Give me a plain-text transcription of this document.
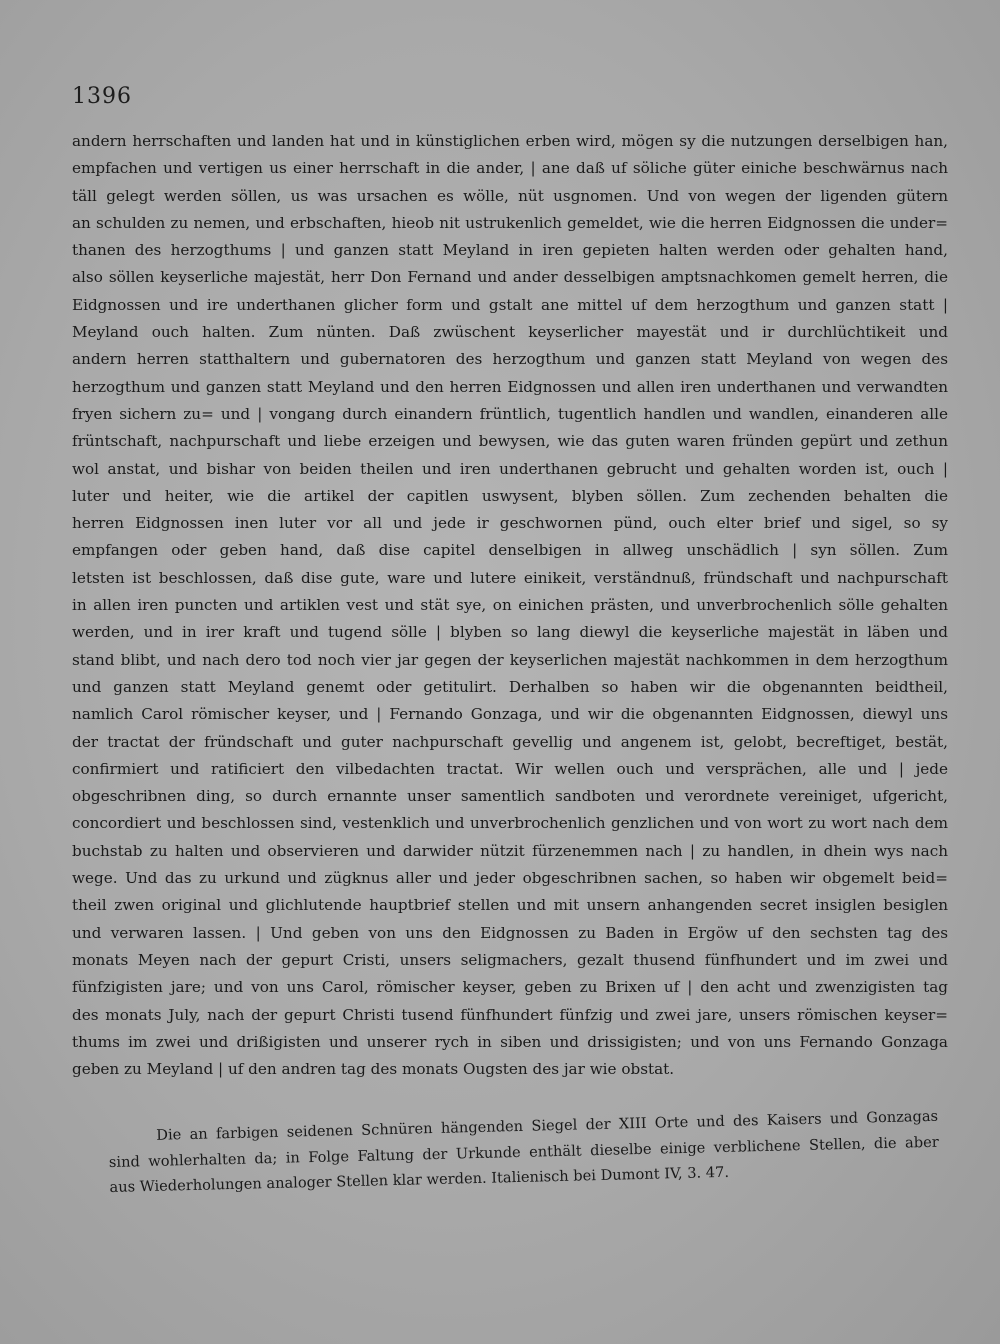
1396
andern herrschaften und landen hat und in künstiglichen erben wird, mögen sy die nutzungen derselbigen han,
empfachen und vertigen us einer herrschaft in die ander, | ane daß uf söliche güter einiche beschwärnus nach
täll gelegt werden söllen, us was ursachen es wölle, nüt usgnomen. Und von wegen der ligenden gütern
an schulden zu nemen, und erbschaften, hieob nit ustrukenlich gemeldet, wie die herren Eidgnossen die under=
thanen des herzogthums | und ganzen statt Meyland in iren gepieten halten werden oder gehalten hand,
also söllen keyserliche majestät, herr Don Fernand und ander desselbigen amptsnachkomen gemelt herren, die
Eidgnossen und ire underthanen glicher form und gstalt ane mittel uf dem herzogthum und ganzen statt |
Meyland ouch halten. Zum nünten. Daß zwüschent keyserlicher mayestät und ir durchlüchtikeit und
andern herren statthaltern und gubernatoren des herzogthum und ganzen statt Meyland von wegen des
herzogthum und ganzen statt Meyland und den herren Eidgnossen und allen iren underthanen und verwandten
fryen sichern zu= und | vongang durch einandern früntlich, tugentlich handlen und wandlen, einanderen alle
früntschaft, nachpurschaft und liebe erzeigen und bewysen, wie das guten waren fründen gepürt und zethun
wol anstat, und bishar von beiden theilen und iren underthanen gebrucht und gehalten worden ist, ouch |
luter und heiter, wie die artikel der capitlen uswysent, blyben söllen. Zum zechenden behalten die
herren Eidgnossen inen luter vor all und jede ir geschwornen pünd, ouch elter brief und sigel, so sy
empfangen oder geben hand, daß dise capitel denselbigen in allweg unschädlich | syn söllen. Zum
letsten ist beschlossen, daß dise gute, ware und lutere einikeit, verständnuß, fründschaft und nachpurschaft
in allen iren puncten und artiklen vest und stät sye, on einichen prästen, und unverbrochenlich sölle gehalten
werden, und in irer kraft und tugend sölle | blyben so lang diewyl die keyserliche majestät in läben und
stand blibt, und nach dero tod noch vier jar gegen der keyserlichen majestät nachkommen in dem herzogthum
und ganzen statt Meyland genemt oder getitulirt. Derhalben so haben wir die obgenannten beidtheil,
namlich Carol römischer keyser, und | Fernando Gonzaga, und wir die obgenannten Eidgnossen, diewyl uns
der tractat der fründschaft und guter nachpurschaft gevellig und angenem ist, gelobt, becreftiget, bestät,
confirmiert und ratificiert den vilbedachten tractat. Wir wellen ouch und versprächen, alle und | jede
obgeschribnen ding, so durch ernannte unser samentlich sandboten und verordnete vereiniget, ufgericht,
concordiert und beschlossen sind, vestenklich und unverbrochenlich genzlichen und von wort zu wort nach dem
buchstab zu halten und observieren und darwider nützit fürzenemmen nach | zu handlen, in dhein wys nach
wege. Und das zu urkund und zügknus aller und jeder obgeschribnen sachen, so haben wir obgemelt beid=
theil zwen original und glichlutende hauptbrief stellen und mit unsern anhangenden secret insiglen besiglen
und verwaren lassen. | Und geben von uns den Eidgnossen zu Baden in Ergöw uf den sechsten tag des
monats Meyen nach der gepurt Cristi, unsers seligmachers, gezalt thusend fünfhundert und im zwei und
fünfzigisten jare; und von uns Carol, römischer keyser, geben zu Brixen uf | den acht und zwenzigisten tag
des monats July, nach der gepurt Christi tusend fünfhundert fünfzig und zwei jare, unsers römischen keyser=
thums im zwei und drißigisten und unserer rych in siben und drissigisten; und von uns Fernando Gonzaga
geben zu Meyland | uf den andren tag des monats Ougsten des jar wie obstat.
Die an farbigen seidenen Schnüren hängenden Siegel der XIII Orte und des Kaisers und Gonzagas
sind wohlerhalten da; in Folge Faltung der Urkunde enthält dieselbe einige verblichene Stellen, die aber
aus Wiederholungen analoger Stellen klar werden. Italienisch bei Dumont IV, 3. 47.
